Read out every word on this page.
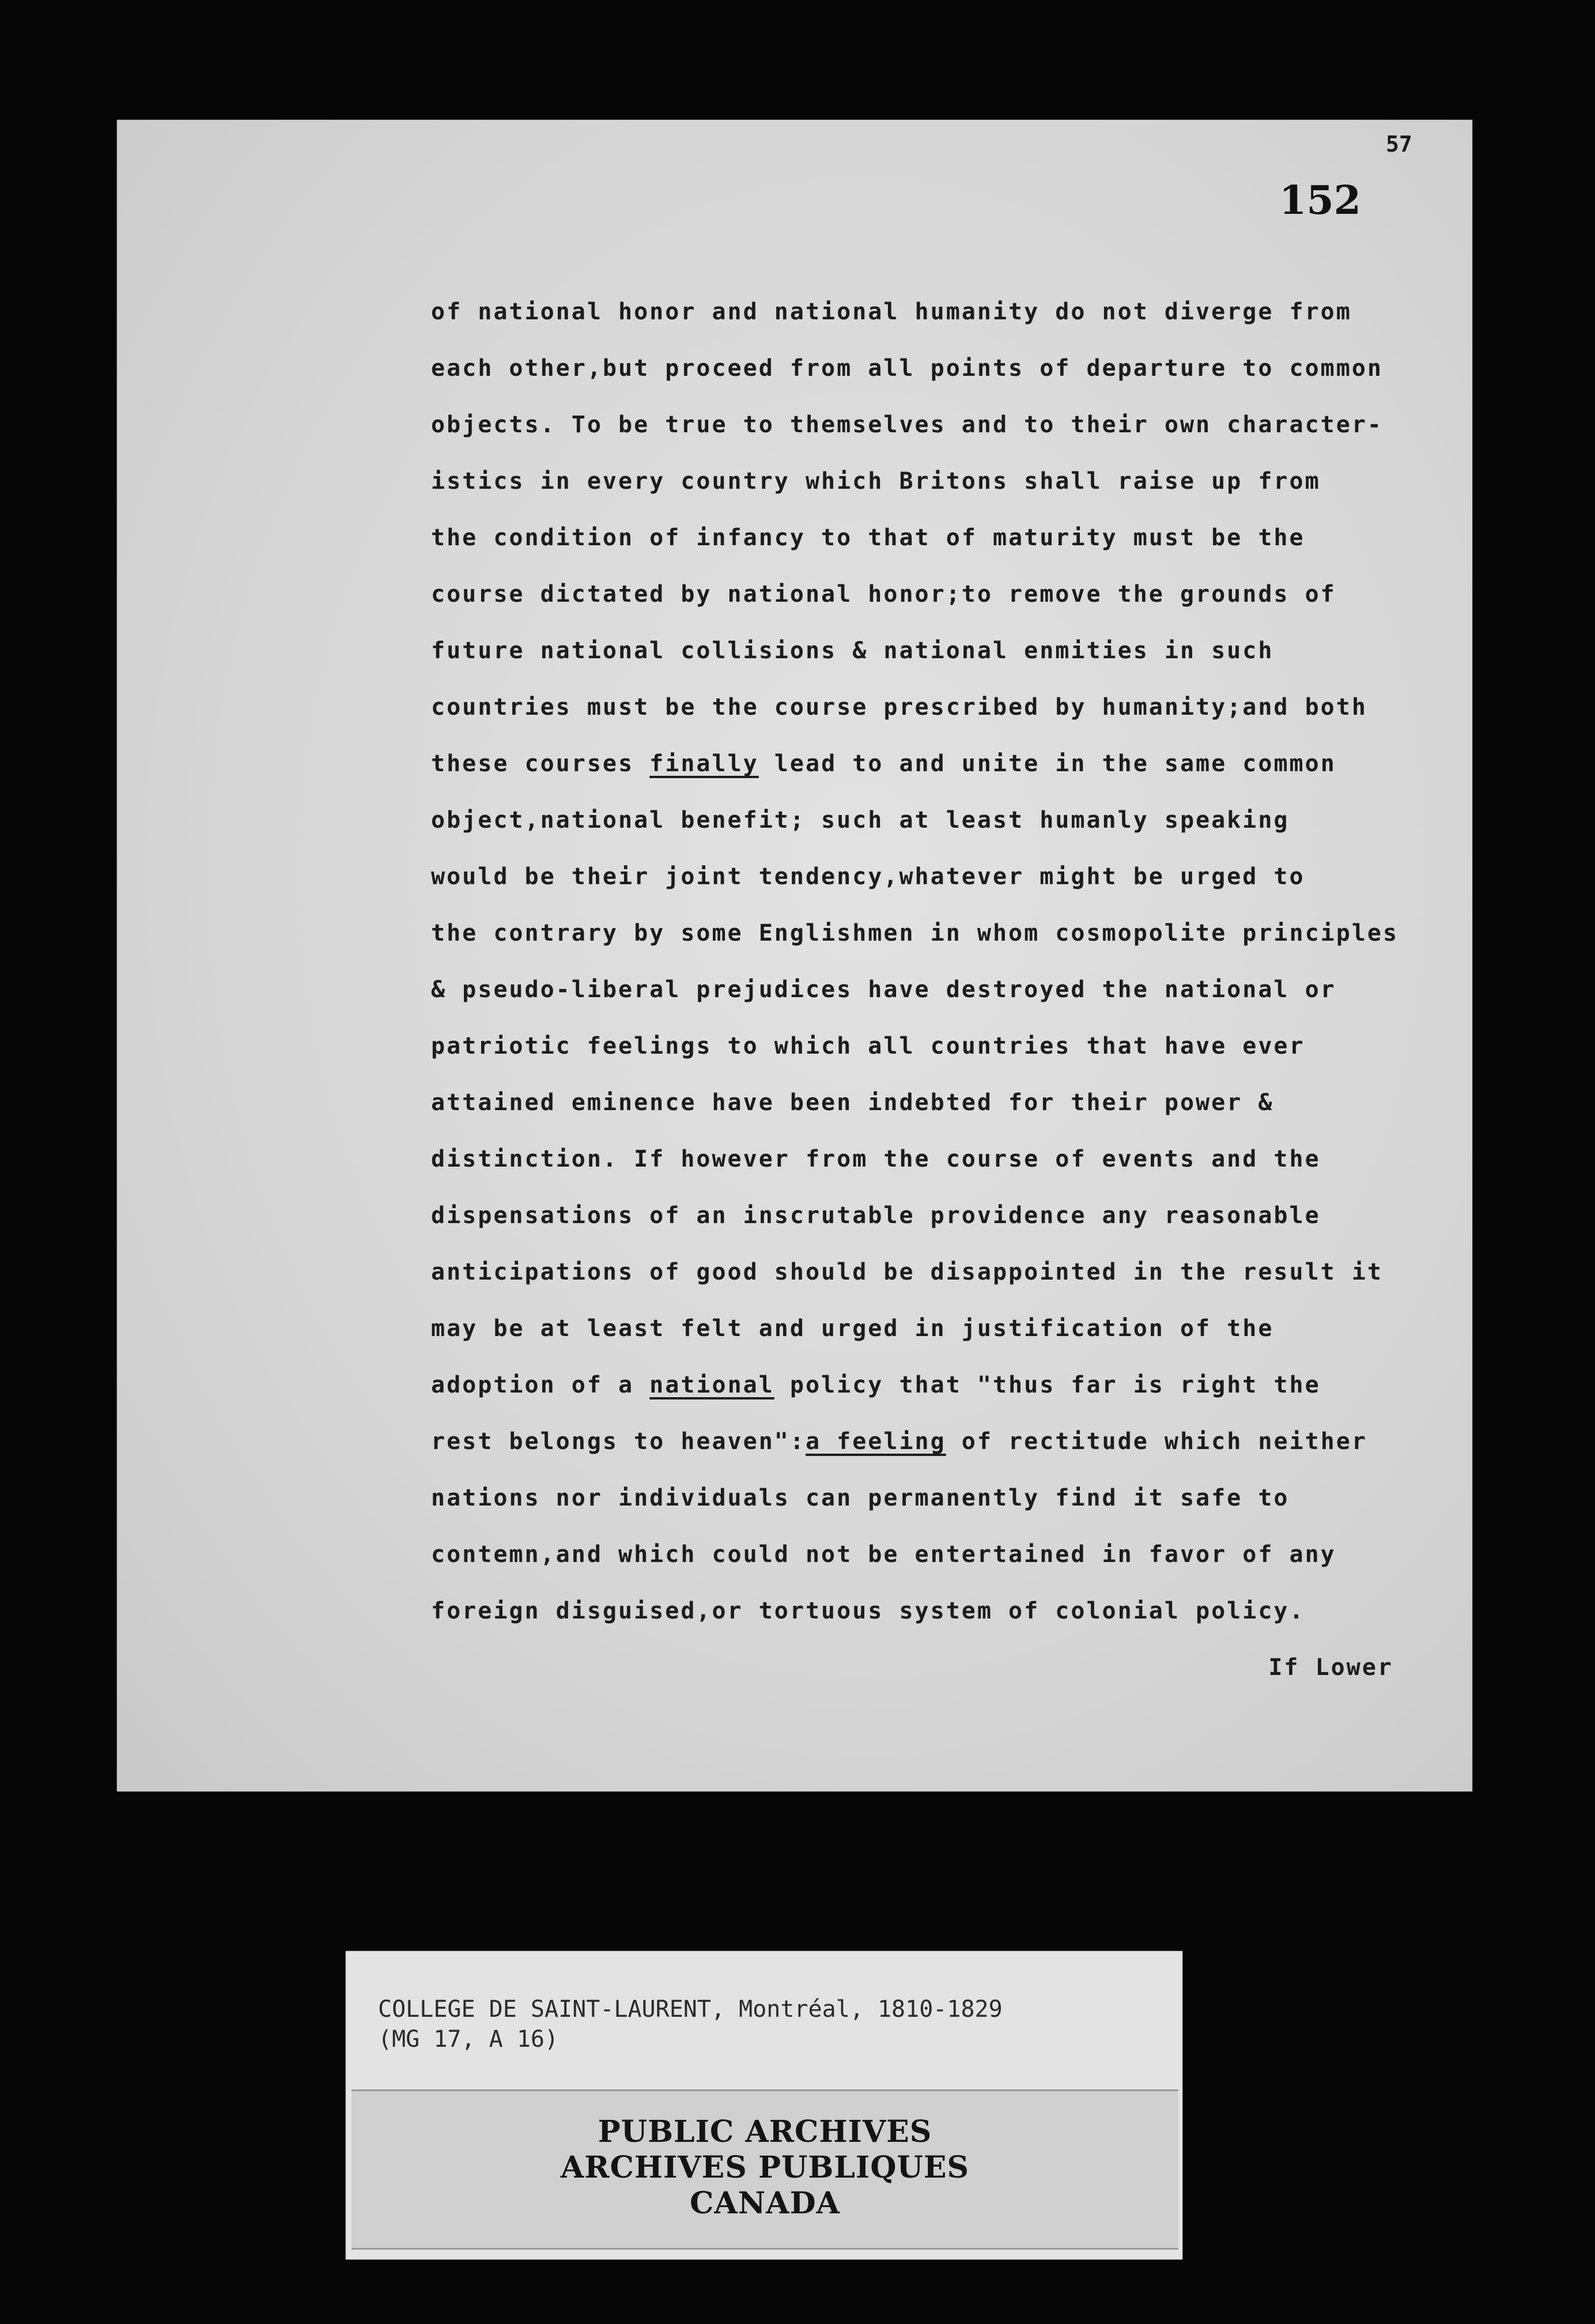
57
152
of national honor and national humanity do not diverge from
each other,but proceed from all points of departure to common
objects. To be true to themselves and to their own character-
istics in every country which Britons shall raise up from
the condition of infancy to that of maturity must be the
course dictated by national honor;to remove the grounds of
future national collisions & national enmities in such
countries must be the course prescribed by humanity;and both
these courses finally lead to and unite in the same common
object,national benefit; such at least humanly speaking
would be their joint tendency,whatever might be urged to
the contrary by some Englishmen in whom cosmopolite principles
& pseudo-liberal prejudices have destroyed the national or
patriotic feelings to which all countries that have ever
attained eminence have been indebted for their power &
distinction. If however from the course of events and the
dispensations of an inscrutable providence any reasonable
anticipations of good should be disappointed in the result it
may be at least felt and urged in justification of the
adoption of a national policy that "thus far is right the
rest belongs to heaven":a feeling of rectitude which neither
nations nor individuals can permanently find it safe to
contemn,and which could not be entertained in favor of any
foreign disguised,or tortuous system of colonial policy.
If Lower
COLLEGE DE SAINT-LAURENT, Montréal, 1810-1829
(MG 17, A 16)
PUBLIC ARCHIVES
ARCHIVES PUBLIQUES
CANADA
